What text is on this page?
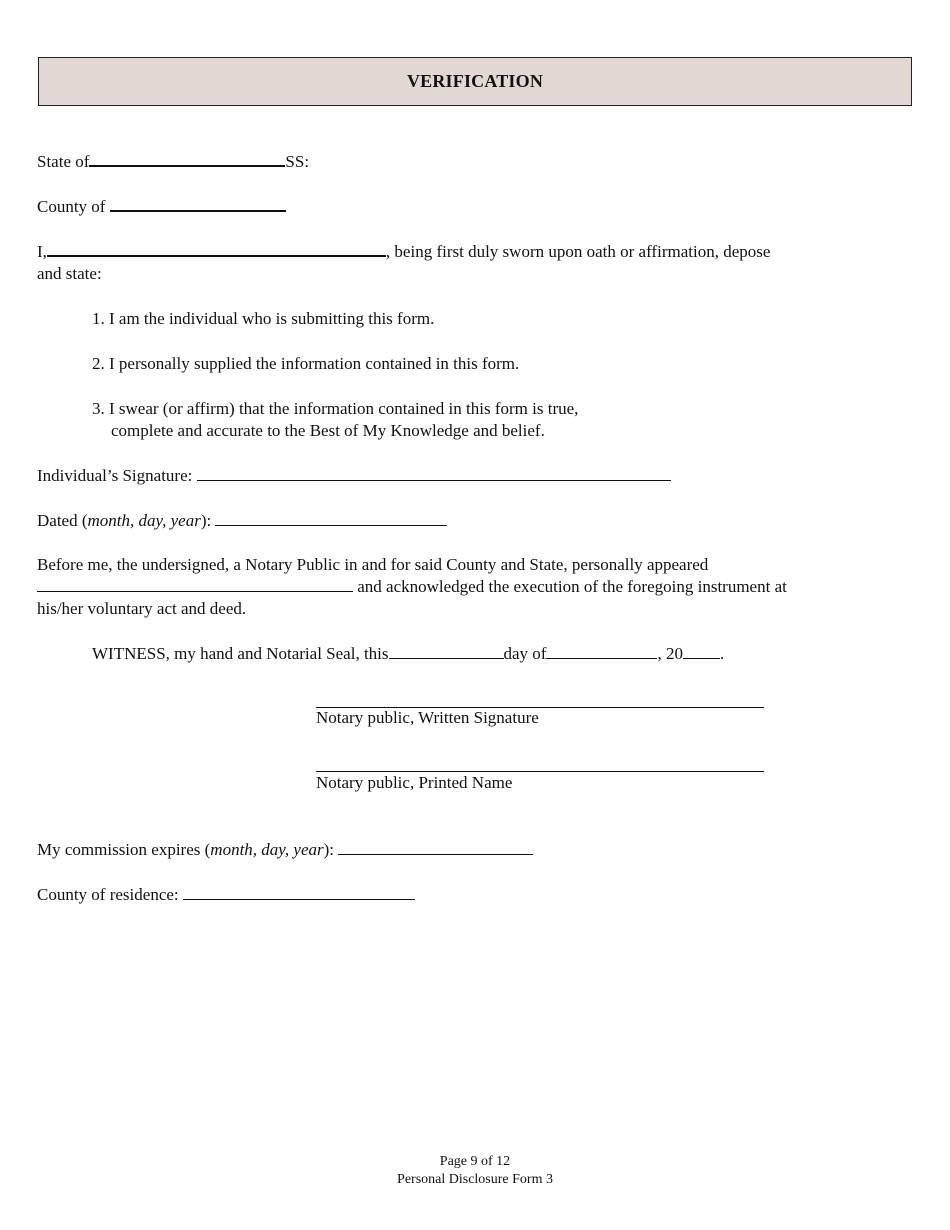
VERIFICATION
State of	SS:
County of
I,	, being first duly sworn upon oath or affirmation, depose
and state:
1. I am the individual who is submitting this form.
2. I personally supplied the information contained in this form.
3. I swear (or affirm) that the information contained in this form is true,
complete and accurate to the Best of My Knowledge and belief.
Individual’s Signature:
Dated (month, day, year):
Before me, the undersigned, a Notary Public in and for said County and State, personally appeared
and acknowledged the execution of the foregoing instrument at
his/her voluntary act and deed.
WITNESS, my hand and Notarial Seal, this	day of	, 20 .
Notary public, Written Signature
Notary public, Printed Name
My commission expires (month, day, year):
County of residence:
Page 9 of 12
Personal Disclosure Form 3
